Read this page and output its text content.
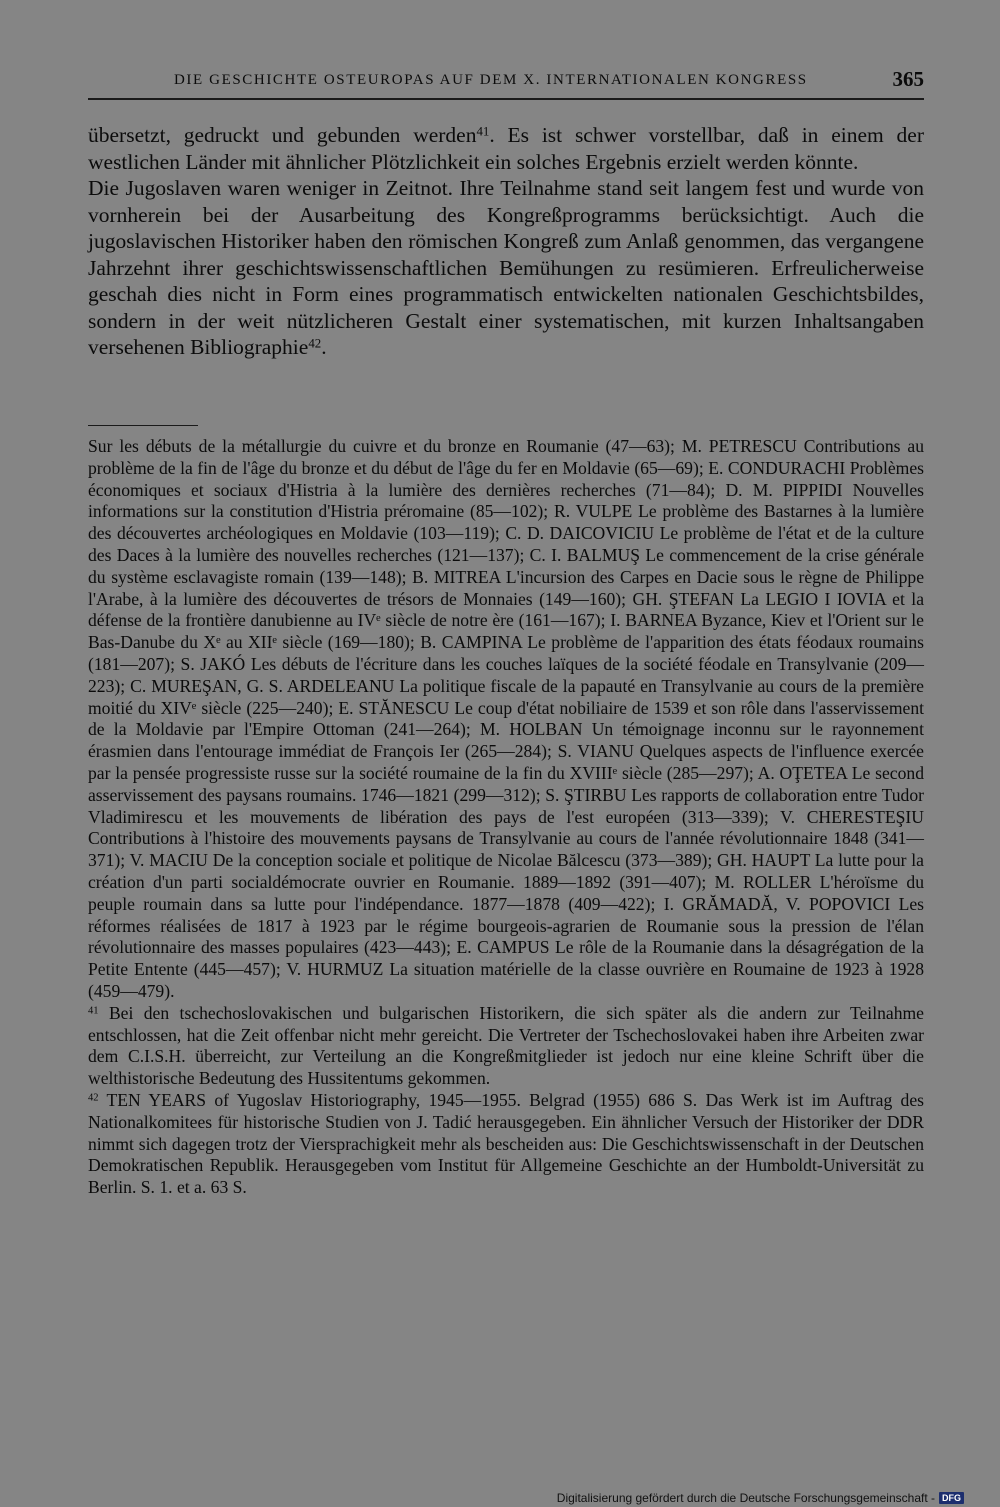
DIE GESCHICHTE OSTEUROPAS AUF DEM X. INTERNATIONALEN KONGRESS	365

übersetzt, gedruckt und gebunden werden$^{41}$. Es ist schwer vorstellbar, daß in einem der westlichen Länder mit ähnlicher Plötzlichkeit ein solches Ergebnis erzielt werden könnte.

Die Jugoslaven waren weniger in Zeitnot. Ihre Teilnahme stand seit langem fest und wurde von vornherein bei der Ausarbeitung des Kongreßprogramms berücksichtigt. Auch die jugoslavischen Historiker haben den römischen Kongreß zum Anlaß genommen, das vergangene Jahrzehnt ihrer geschichtswissenschaftlichen Bemühungen zu resümieren. Erfreulicherweise geschah dies nicht in Form eines programmatisch entwickelten nationalen Geschichtsbildes, sondern in der weit nützlicheren Gestalt einer systematischen, mit kurzen Inhaltsangaben versehenen Bibliographie$^{42}$.

Sur les débuts de la métallurgie du cuivre et du bronze en Roumanie (47—63); M. PETRESCU Contributions au problème de la fin de l'âge du bronze et du début de l'âge du fer en Moldavie (65—69); E. CONDURACHI Problèmes économiques et sociaux d'Histria à la lumière des dernières recherches (71—84); D. M. PIPPIDI Nouvelles informations sur la constitution d'Histria préromaine (85—102); R. VULPE Le problème des Bastarnes à la lumière des découvertes archéologiques en Moldavie (103—119); C. D. DAICOVICIU Le problème de l'état et de la culture des Daces à la lumière des nouvelles recherches (121—137); C. I. BALMUŞ Le commencement de la crise générale du système esclavagiste romain (139—148); B. MITREA L'incursion des Carpes en Dacie sous le règne de Philippe l'Arabe, à la lumière des découvertes de trésors de Monnaies (149—160); GH. ŞTEFAN La LEGIO I IOVIA et la défense de la frontière danubienne au IVᵉ siècle de notre ère (161—167); I. BARNEA Byzance, Kiev et l'Orient sur le Bas-Danube du Xᵉ au XIIᵉ siècle (169—180); B. CAMPINA Le problème de l'apparition des états féodaux roumains (181—207); S. JAKÓ Les débuts de l'écriture dans les couches laïques de la société féodale en Transylvanie (209—223); C. MUREŞAN, G. S. ARDELEANU La politique fiscale de la papauté en Transylvanie au cours de la première moitié du XIVᵉ siècle (225—240); E. STĂNESCU Le coup d'état nobiliaire de 1539 et son rôle dans l'asservissement de la Moldavie par l'Empire Ottoman (241—264); M. HOLBAN Un témoignage inconnu sur le rayonnement érasmien dans l'entourage immédiat de François Ier (265—284); S. VIANU Quelques aspects de l'influence exercée par la pensée progressiste russe sur la société roumaine de la fin du XVIIIᵉ siècle (285—297); A. OŢETEA Le second asservissement des paysans roumains. 1746—1821 (299—312); S. ŞTIRBU Les rapports de collaboration entre Tudor Vladimirescu et les mouvements de libération des pays de l'est européen (313—339); V. CHERESTEŞIU Contributions à l'histoire des mouvements paysans de Transylvanie au cours de l'année révolutionnaire 1848 (341—371); V. MACIU De la conception sociale et politique de Nicolae Bălcescu (373—389); GH. HAUPT La lutte pour la création d'un parti socialdémocrate ouvrier en Roumanie. 1889—1892 (391—407); M. ROLLER L'héroïsme du peuple roumain dans sa lutte pour l'indépendance. 1877—1878 (409—422); I. GRĂMADĂ, V. POPOVICI Les réformes réalisées de 1817 à 1923 par le régime bourgeois-agrarien de Roumanie sous la pression de l'élan révolutionnaire des masses populaires (423—443); E. CAMPUS Le rôle de la Roumanie dans la désagrégation de la Petite Entente (445—457); V. HURMUZ La situation matérielle de la classe ouvrière en Roumaine de 1923 à 1928 (459—479).

$^{41}$ Bei den tschechoslovakischen und bulgarischen Historikern, die sich später als die andern zur Teilnahme entschlossen, hat die Zeit offenbar nicht mehr gereicht. Die Vertreter der Tschechoslovakei haben ihre Arbeiten zwar dem C.I.S.H. überreicht, zur Verteilung an die Kongreßmitglieder ist jedoch nur eine kleine Schrift über die welthistorische Bedeutung des Hussitentums gekommen.

$^{42}$ TEN YEARS of Yugoslav Historiography, 1945—1955. Belgrad (1955) 686 S. Das Werk ist im Auftrag des Nationalkomitees für historische Studien von J. Tadić herausgegeben. Ein ähnlicher Versuch der Historiker der DDR nimmt sich dagegen trotz der Viersprachigkeit mehr als bescheiden aus: Die Geschichtswissenschaft in der Deutschen Demokratischen Republik. Herausgegeben vom Institut für Allgemeine Geschichte an der Humboldt-Universität zu Berlin. S. 1. et a. 63 S.

Digitalisierung gefördert durch die Deutsche Forschungsgemeinschaft - DFG
